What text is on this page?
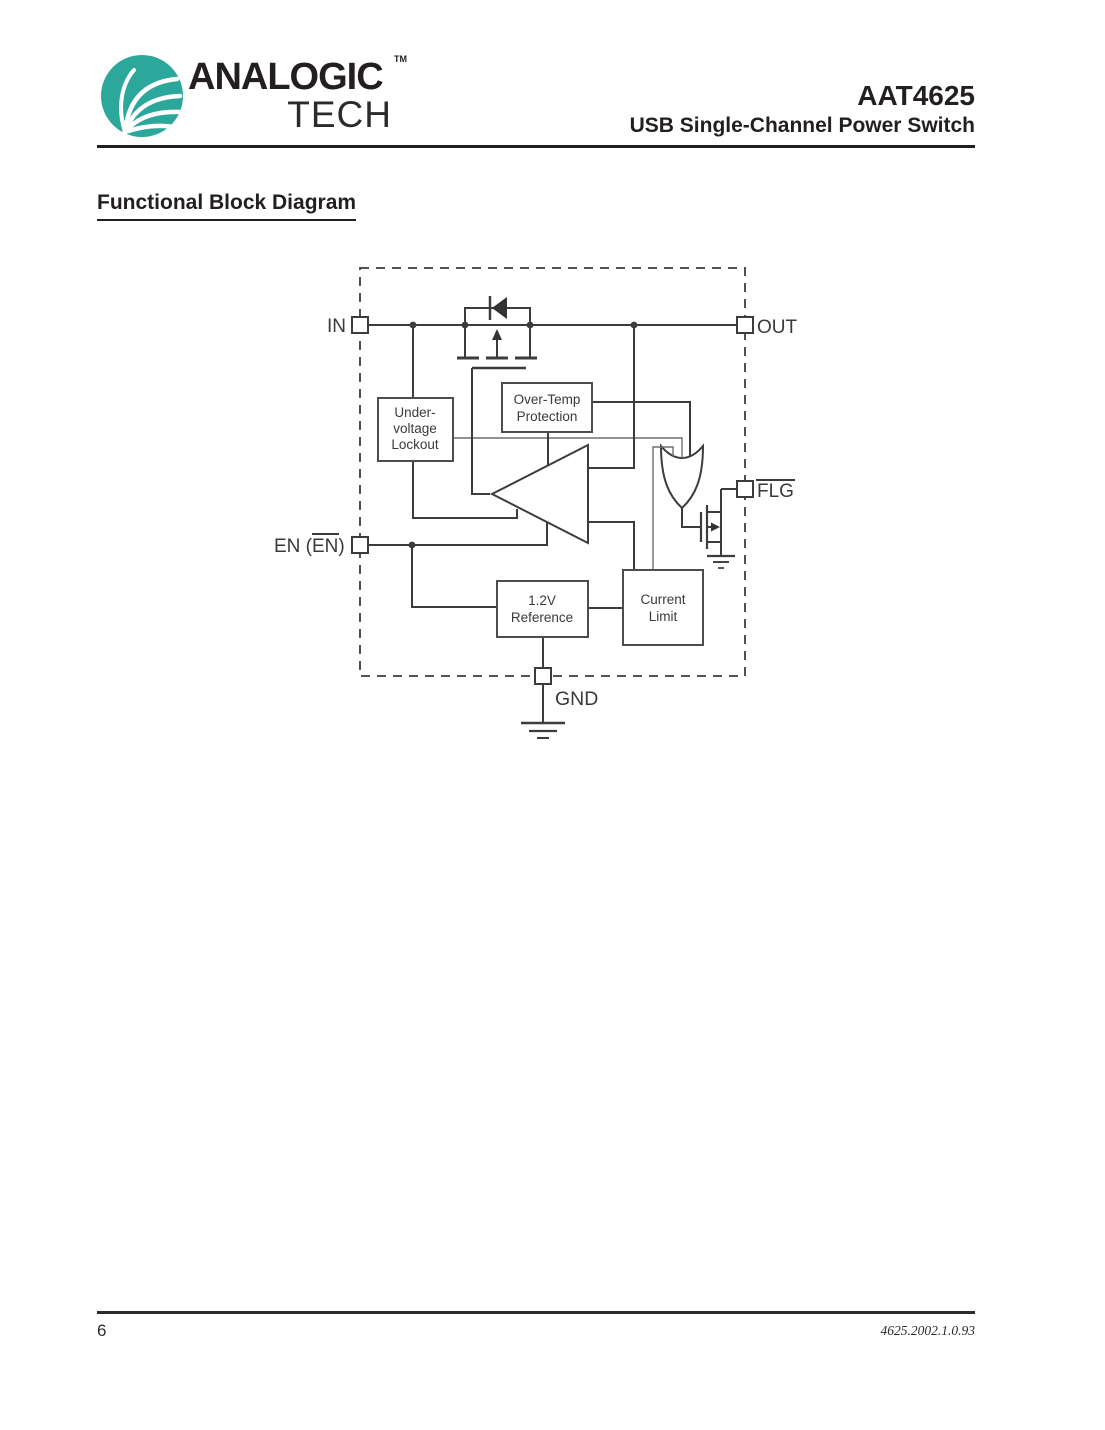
ANALOGIC	TM
TECH	AAT4625
USB Single-Channel Power Switch
Functional Block Diagram
Under-
voltage
Lockout
Over-Temp
Protection
1.2V
Reference
Current
Limit
IN	OUT
EN (EN)
FLG
GND
6	4625.2002.1.0.93
